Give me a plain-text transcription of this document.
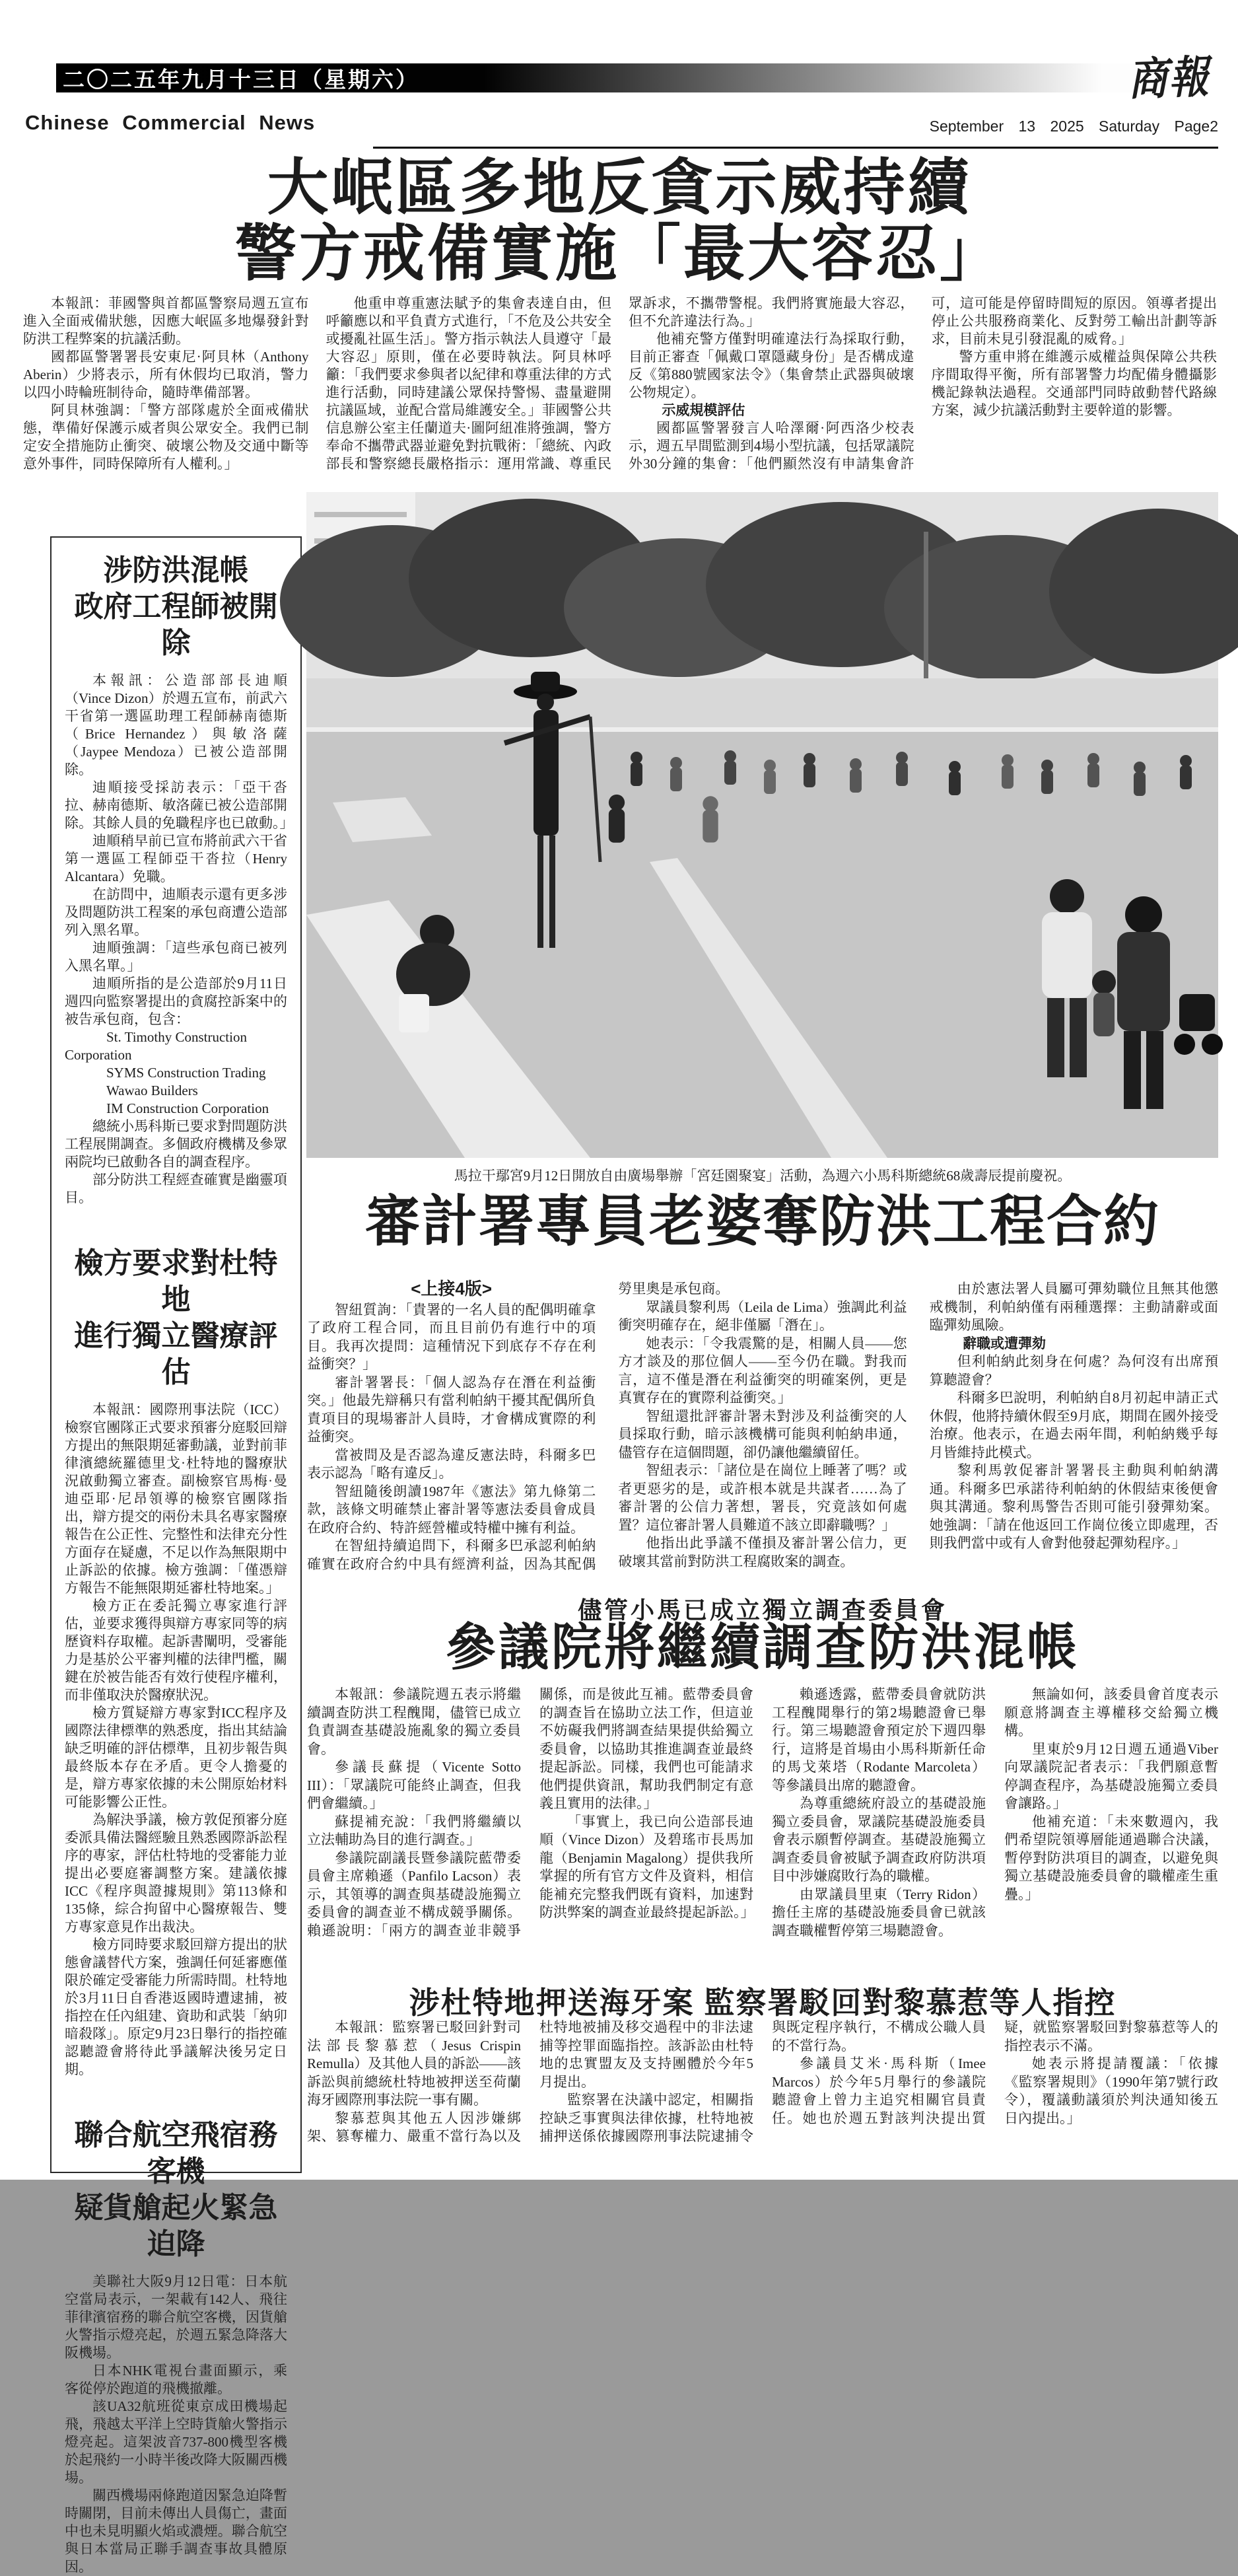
二〇二五年九月十三日（星期六）	商報
Chinese Commercial News	September 13 2025 Saturday Page2
大岷區多地反貪示威持續
警方戒備實施「最大容忍」

本報訊：菲國警與首都區警察局週五宣布進入全面戒備狀態，因應大岷區多地爆發針對防洪工程弊案的抗議活動。

國都區警署署長安東尼·阿貝林（Anthony Aberin）少將表示，所有休假均已取消，警力以四小時輪班制待命，隨時準備部署。

阿貝林強調：「警方部隊處於全面戒備狀態，準備好保護示威者與公眾安全。我們已制定安全措施防止衝突、破壞公物及交通中斷等意外事件，同時保障所有人權利。」

他重申尊重憲法賦予的集會表達自由，但呼籲應以和平負責方式進行，「不危及公共安全或擾亂社區生活」。警方指示執法人員遵守「最大容忍」原則，僅在必要時執法。阿貝林呼籲：「我們要求參與者以紀律和尊重法律的方式進行活動，同時建議公眾保持警惕、盡量避開抗議區域，並配合當局維護安全。」菲國警公共信息辦公室主任蘭道夫·圖阿紐准將強調，警方奉命不攜帶武器並避免對抗戰術：「總統、內政部長和警察總長嚴格指示：運用常識、尊重民眾訴求，不攜帶警棍。我們將實施最大容忍，但不允許違法行為。」

他補充警方僅對明確違法行為採取行動，目前正審查「佩戴口罩隱藏身份」是否構成違反《第880號國家法令》（集會禁止武器與破壞公物規定）。

示威規模評估

國都區警署發言人哈澤爾·阿西洛少校表示，週五早間監測到4場小型抗議，包括眾議院外30分鐘的集會：「他們顯然沒有申請集會許可，這可能是停留時間短的原因。領導者提出停止公共服務商業化、反對勞工輸出計劃等訴求，目前未見引發混亂的威脅。」

警方重申將在維護示威權益與保障公共秩序間取得平衡，所有部署警力均配備身體攝影機記錄執法過程。交通部門同時啟動替代路線方案，減少抗議活動對主要幹道的影響。

涉防洪混帳
政府工程師被開除

本報訊：公造部部長迪順（Vince Dizon）於週五宣布，前武六干省第一選區助理工程師赫南德斯（Brice Hernandez）與敏洛薩（Jaypee Mendoza）已被公造部開除。

迪順接受採訪表示：「亞干沓拉、赫南德斯、敏洛薩已被公造部開除。其餘人員的免職程序也已啟動。」

迪順稍早前已宣布將前武六干省第一選區工程師亞干沓拉（Henry Alcantara）免職。

在訪問中，迪順表示還有更多涉及問題防洪工程案的承包商遭公造部列入黑名單。

迪順強調：「這些承包商已被列入黑名單。」

迪順所指的是公造部於9月11日週四向監察署提出的貪腐控訴案中的被告承包商，包含：

St. Timothy Construction Corporation

SYMS Construction Trading

Wawao Builders

IM Construction Corporation

總統小馬科斯已要求對問題防洪工程展開調查。多個政府機構及參眾兩院均已啟動各自的調查程序。

部分防洪工程經查確實是幽靈項目。

檢方要求對杜特地
進行獨立醫療評估

本報訊：國際刑事法院（ICC）檢察官團隊正式要求預審分庭駁回辯方提出的無限期延審動議，並對前菲律濱總統羅德里戈·杜特地的醫療狀況啟動獨立審查。副檢察官馬梅·曼迪亞耶·尼昂領導的檢察官團隊指出，辯方提交的兩份未具名專家醫療報告在公正性、完整性和法律充分性方面存在疑慮，不足以作為無限期中止訴訟的依據。檢方強調：「僅憑辯方報告不能無限期延審杜特地案。」

檢方正在委託獨立專家進行評估，並要求獲得與辯方專家同等的病歷資料存取權。起訴書闡明，受審能力是基於公平審判權的法律門檻，關鍵在於被告能否有效行使程序權利，而非僅取決於醫療狀況。

檢方質疑辯方專家對ICC程序及國際法律標準的熟悉度，指出其結論缺乏明確的評估標準，且初步報告與最終版本存在矛盾。更令人擔憂的是，辯方專家依據的未公開原始材料可能影響公正性。

為解決爭議，檢方敦促預審分庭委派具備法醫經驗且熟悉國際訴訟程序的專家，評估杜特地的受審能力並提出必要庭審調整方案。建議依據ICC《程序與證據規則》第113條和135條，綜合拘留中心醫療報告、雙方專家意見作出裁決。

檢方同時要求駁回辯方提出的狀態會議替代方案，強調任何延審應僅限於確定受審能力所需時間。杜特地於3月11日自香港返國時遭逮捕，被指控在任內組建、資助和武裝「納卯暗殺隊」。原定9月23日舉行的指控確認聽證會將待此爭議解決後另定日期。

聯合航空飛宿務客機
疑貨艙起火緊急迫降

美聯社大阪9月12日電：日本航空當局表示，一架載有142人、飛往菲律濱宿務的聯合航空客機，因貨艙火警指示燈亮起，於週五緊急降落大阪機場。

日本NHK電視台畫面顯示，乘客從停於跑道的飛機撤離。

該UA32航班從東京成田機場起飛，飛越太平洋上空時貨艙火警指示燈亮起。這架波音737-800機型客機於起飛約一小時半後改降大阪關西機場。

關西機場兩條跑道因緊急迫降暫時關閉，目前未傳出人員傷亡，畫面中也未見明顯火焰或濃煙。聯合航空與日本當局正聯手調查事故具體原因。

馬拉干鄢宮9月12日開放自由廣場舉辦「宮廷園聚宴」活動，為週六小馬科斯總統68歲壽辰提前慶祝。
審計署專員老婆奪防洪工程合約

<上接4版>

智紐質詢：「貴署的一名人員的配偶明確拿了政府工程合同，而且目前仍有進行中的項目。我再次提問：這種情況下到底存不存在利益衝突？」

審計署署長：「個人認為存在潛在利益衝突。」他最先辯稱只有當利帕納干擾其配偶所負責項目的現場審計人員時，才會構成實際的利益衝突。

當被問及是否認為違反憲法時，科爾多巴表示認為「略有違反」。

智紐隨後朗讀1987年《憲法》第九條第二款，該條文明確禁止審計署等憲法委員會成員在政府合約、特許經營權或特權中擁有利益。

在智紐持續追問下，科爾多巴承認利帕納確實在政府合約中具有經濟利益，因為其配偶勞里奧是承包商。

眾議員黎利馬（Leila de Lima）強調此利益衝突明確存在，絕非僅屬「潛在」。

她表示：「令我震驚的是，相關人員——您方才談及的那位個人——至今仍在職。對我而言，這不僅是潛在利益衝突的明確案例，更是真實存在的實際利益衝突。」

智紐還批評審計署未對涉及利益衝突的人員採取行動，暗示該機構可能與利帕納串通，儘管存在這個問題，卻仍讓他繼續留任。

智紐表示：「諸位是在崗位上睡著了嗎？或者更惡劣的是，或許根本就是共謀者……為了審計署的公信力著想，署長，究竟該如何處置？這位審計署人員難道不該立即辭職嗎？」

他指出此爭議不僅損及審計署公信力，更破壞其當前對防洪工程腐敗案的調查。

由於憲法署人員屬可彈劾職位且無其他懲戒機制，利帕納僅有兩種選擇：主動請辭或面臨彈劾風險。

辭職或遭彈劾

但利帕納此刻身在何處？為何沒有出席預算聽證會？

科爾多巴說明，利帕納自8月初起申請正式休假，他將持續休假至9月底，期間在國外接受治療。他表示，在過去兩年間，利帕納幾乎每月皆維持此模式。

黎利馬敦促審計署署長主動與利帕納溝通。科爾多巴承諾待利帕納的休假結束後便會與其溝通。黎利馬警告否則可能引發彈劾案。她強調：「請在他返回工作崗位後立即處理，否則我們當中或有人會對他發起彈劾程序。」

儘管小馬已成立獨立調查委員會
參議院將繼續調查防洪混帳

本報訊：參議院週五表示將繼續調查防洪工程醜聞，儘管已成立負責調查基礎設施亂象的獨立委員會。

參議長蘇提（Vicente Sotto III）：「眾議院可能終止調查，但我們會繼續。」

蘇提補充說：「我們將繼續以立法輔助為目的進行調查。」

參議院副議長暨參議院藍帶委員會主席賴遜（Panfilo Lacson）表示，其領導的調查與基礎設施獨立委員會的調查並不構成競爭關係。賴遜說明：「兩方的調查並非競爭關係，而是彼此互補。藍帶委員會的調查旨在協助立法工作，但這並不妨礙我們將調查結果提供給獨立委員會，以協助其推進調查並最終提起訴訟。同樣，我們也可能請求他們提供資訊，幫助我們制定有意義且實用的法律。」

「事實上，我已向公造部長迪順（Vince Dizon）及碧瑤市長馬加龍（Benjamin Magalong）提供我所掌握的所有官方文件及資料，相信能補充完整我們既有資料，加速對防洪弊案的調查並最終提起訴訟。」

賴遜透露，藍帶委員會就防洪工程醜聞舉行的第2場聽證會已舉行。第三場聽證會預定於下週四舉行，這將是首場由小馬科斯新任命的馬戈萊塔（Rodante Marcoleta）等參議員出席的聽證會。

為尊重總統府設立的基礎設施獨立委員會，眾議院基礎設施委員會表示願暫停調查。基礎設施獨立調查委員會被賦予調查政府防洪項目中涉嫌腐敗行為的職權。

由眾議員里東（Terry Ridon）擔任主席的基礎設施委員會已就該調查職權暫停第三場聽證會。

無論如何，該委員會首度表示願意將調查主導權移交給獨立機構。

里東於9月12日週五通過Viber向眾議院記者表示：「我們願意暫停調查程序，為基礎設施獨立委員會讓路。」

他補充道：「未來數週內，我們希望院領導層能通過聯合決議，暫停對防洪項目的調查，以避免與獨立基礎設施委員會的職權產生重疊。」

涉杜特地押送海牙案 監察署駁回對黎慕惹等人指控

本報訊：監察署已駁回針對司法部長黎慕惹（Jesus Crispin Remulla）及其他人員的訴訟——該訴訟與前總統杜特地被押送至荷蘭海牙國際刑事法院一事有關。

黎慕惹與其他五人因涉嫌綁架、篡奪權力、嚴重不當行為以及杜特地被捕及移交過程中的非法逮捕等控罪面臨指控。該訴訟由杜特地的忠實盟友及支持團體於今年5月提出。

監察署在決議中認定，相關指控缺乏事實與法律依據，杜特地被捕押送係依據國際刑事法院逮捕令與既定程序執行，不構成公職人員的不當行為。

參議員艾米·馬科斯（Imee Marcos）於今年5月舉行的參議院聽證會上曾力主追究相關官員責任。她也於週五對該判決提出質疑，就監察署駁回對黎慕惹等人的指控表示不滿。

她表示將提請覆議：「依據《監察署規則》（1990年第7號行政令），覆議動議須於判決通知後五日內提出。」
